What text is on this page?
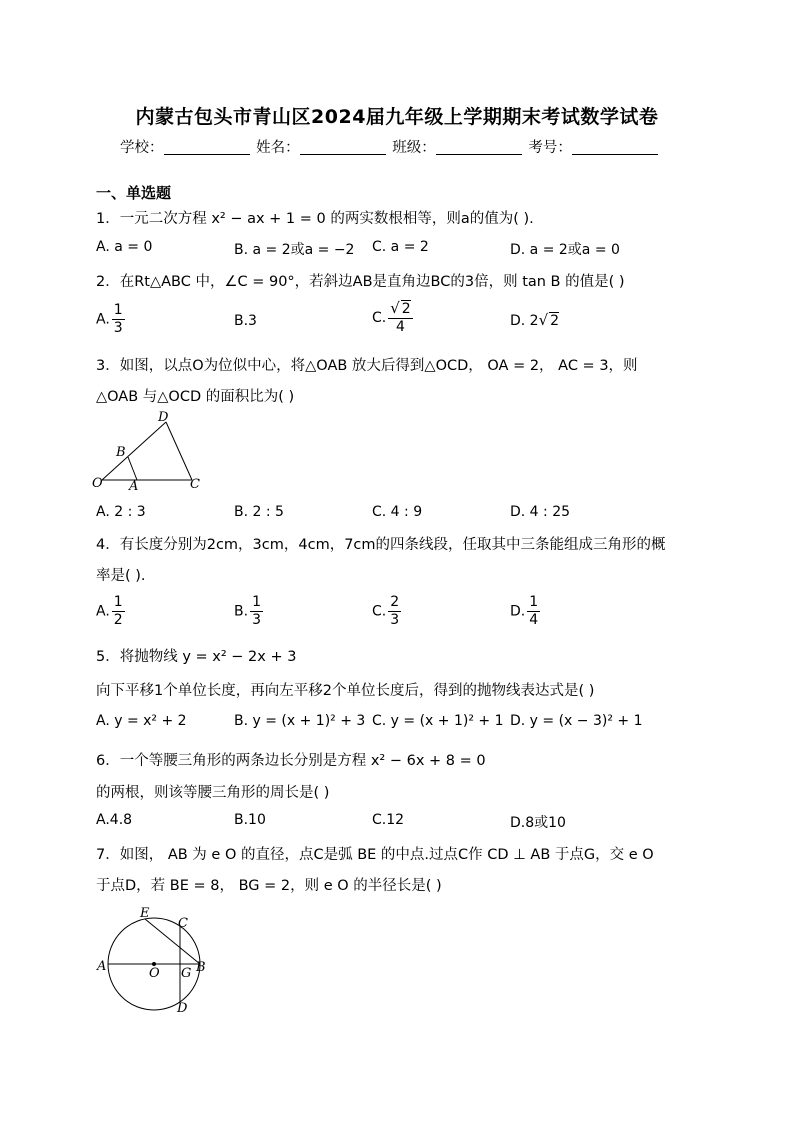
内蒙古包头市青山区2024届九年级上学期期末考试数学试卷
学校：	姓名：	班级：	考号：
一、单选题
1．一元二次方程 x² − ax + 1 = 0 的两实数根相等，则a的值为( ).
A. a = 0	B. a = 2或a = −2 C. a = 2	D. a = 2或a = 0
2．在Rt△ABC 中，∠C = 90°，若斜边AB是直角边BC的3倍，则 tan B 的值是( )
A. $\frac{1}{3}$	B.3	C. $\frac{√ 2}{4}$	D. 2√ 2
3．如图，以点O为位似中心，将△OAB 放大后得到△OCD， OA = 2， AC = 3，则
△OAB 与△OCD 的面积比为( )
D
B
O A	C
A. 2 : 3	B. 2 : 5	C. 4 : 9	D. 4 : 25
4．有长度分别为2cm，3cm，4cm，7cm的四条线段，任取其中三条能组成三角形的概
率是( ).
A. $\frac{1}{2}$	B. $\frac{1}{3}$	C. $\frac{2}{3}$	D. $\frac{1}{4}$
5．将抛物线 y = x² − 2x + 3
向下平移1个单位长度，再向左平移2个单位长度后，得到的抛物线表达式是( )
A. y = x² + 2	B. y = (x + 1)² + 3 C. y = (x + 1)² + 1 D. y = (x − 3)² + 1
6．一个等腰三角形的两条边长分别是方程 x² − 6x + 8 = 0
的两根，则该等腰三角形的周长是( )
A.4.8	B.10	C.12	D.8或10
7．如图， AB 为 e O 的直径，点C是弧 BE 的中点.过点C作 CD ⊥ AB 于点G，交 e O
于点D，若 BE = 8， BG = 2，则 e O 的半径长是( )
E
C
A	O G B
D
